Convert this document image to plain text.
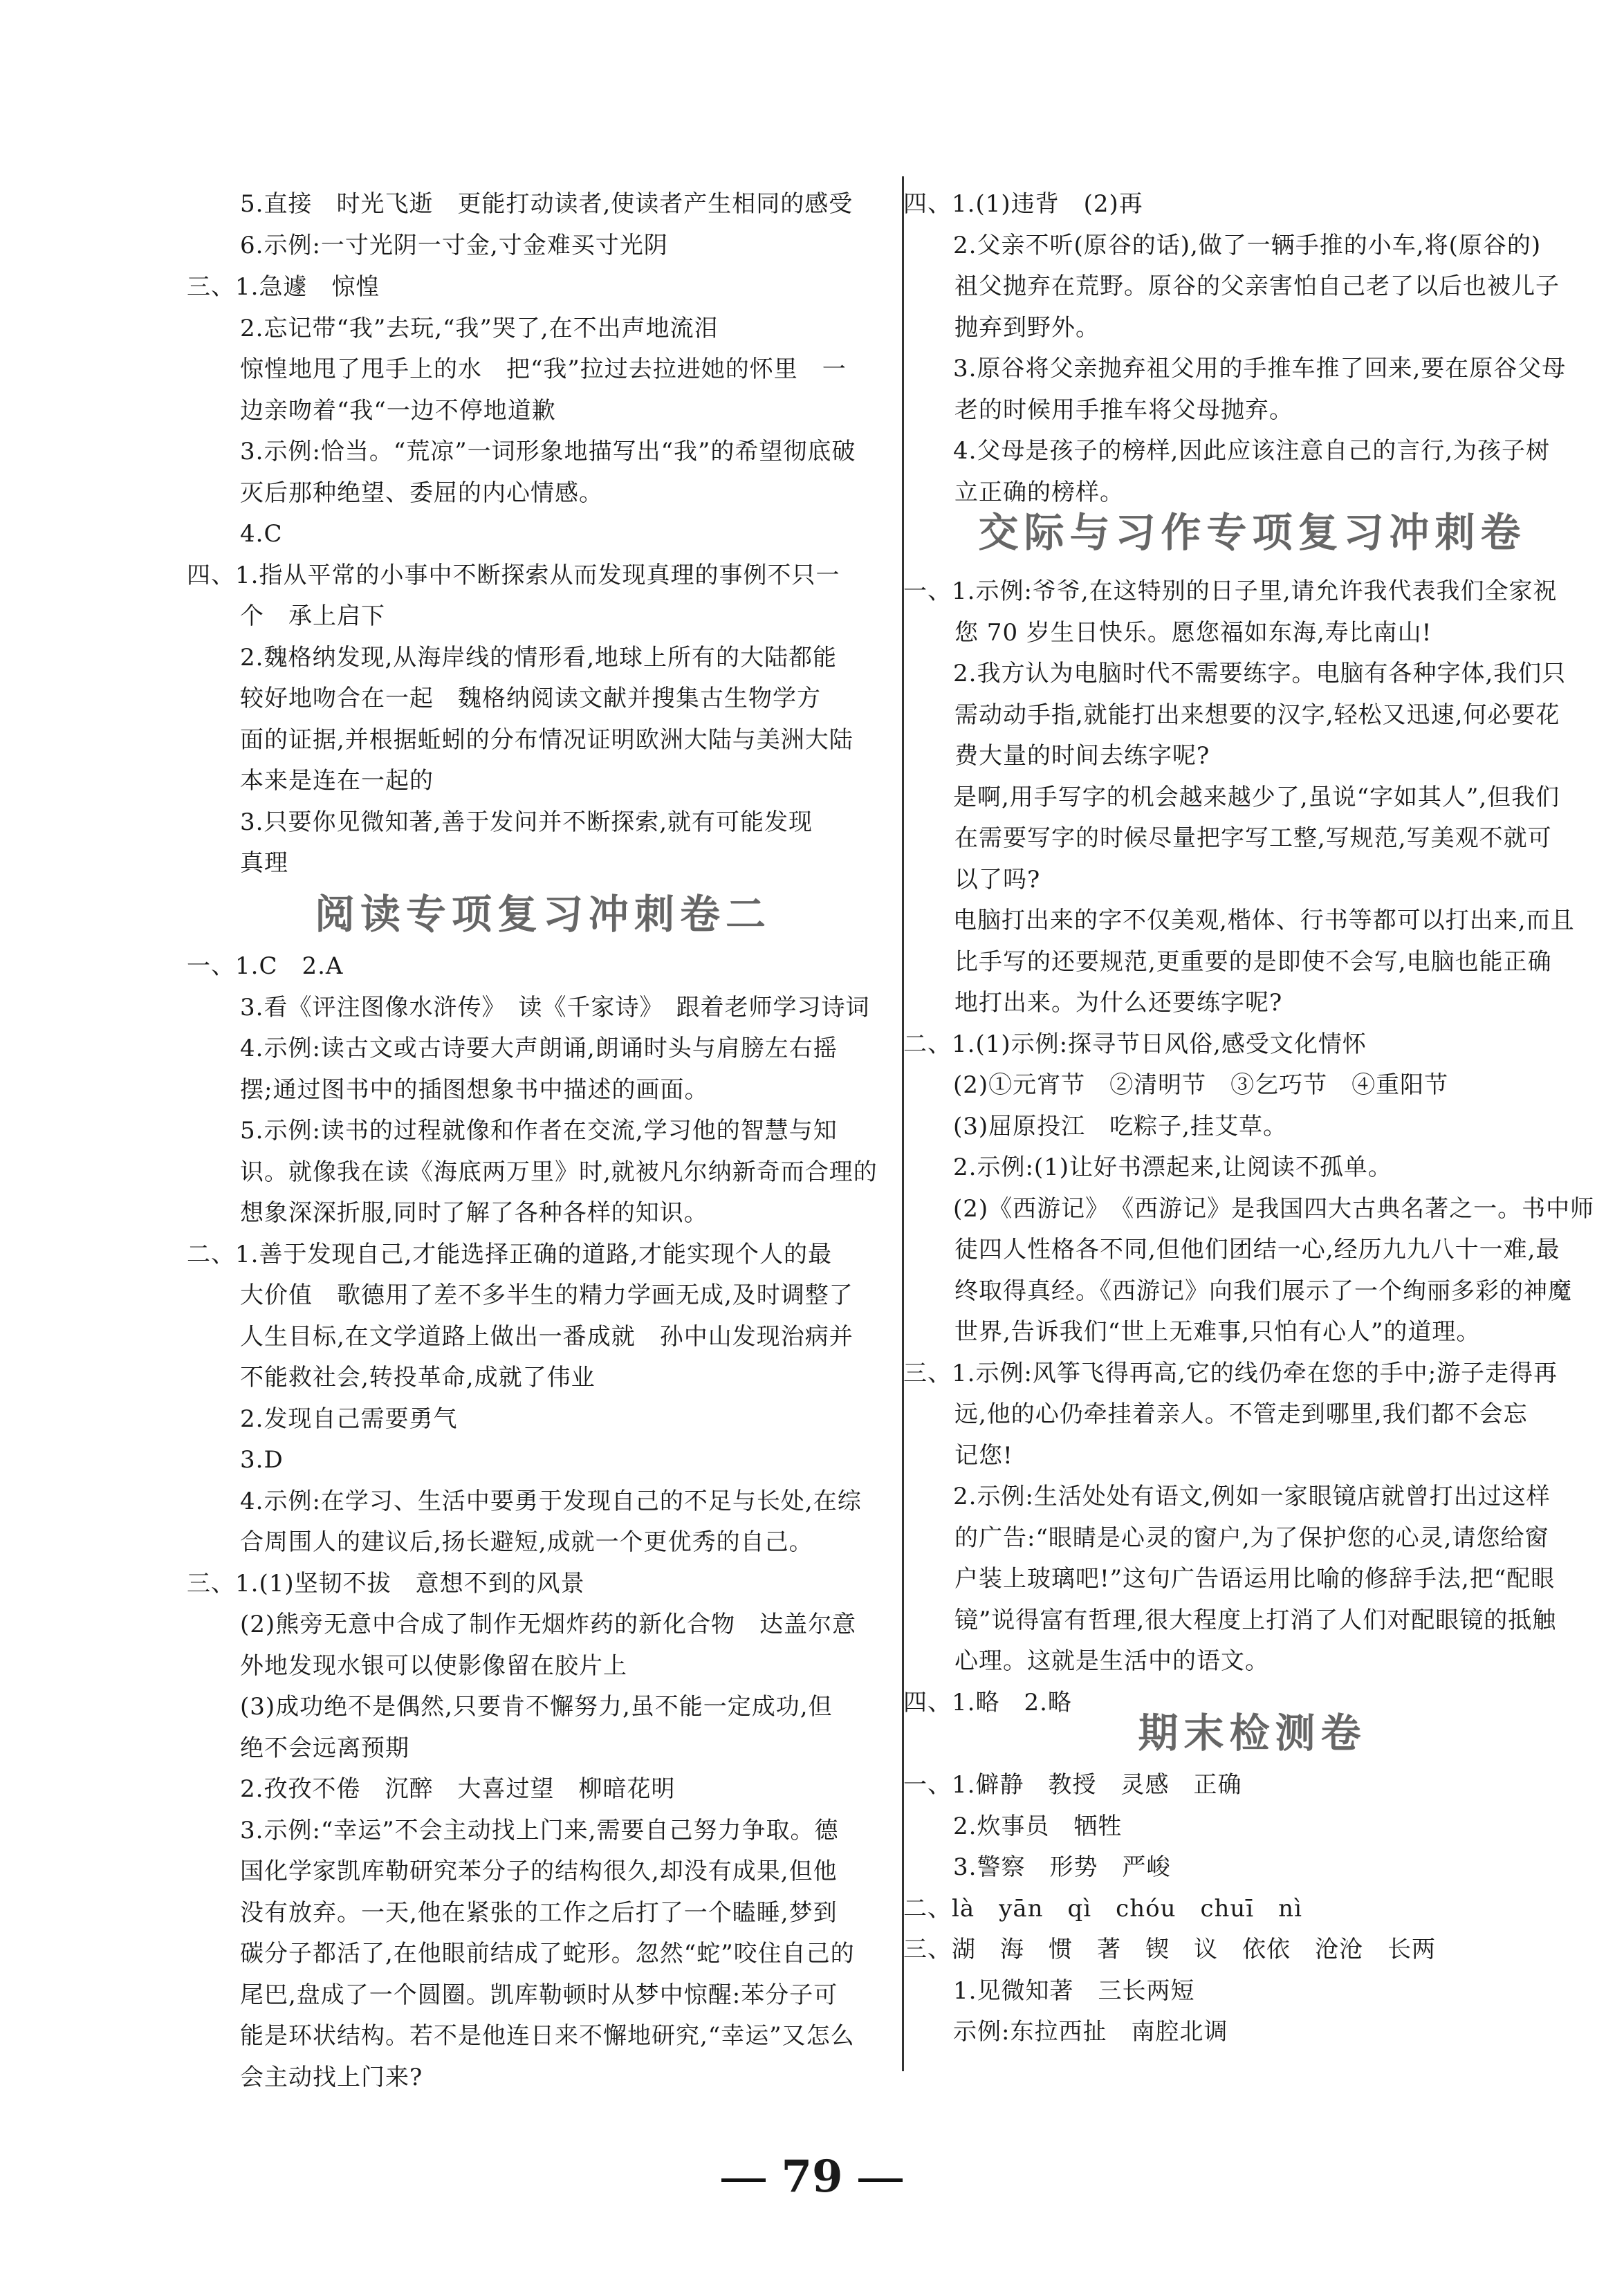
5.直接　时光飞逝　更能打动读者,使读者产生相同的感受
6.示例:一寸光阴一寸金,寸金难买寸光阴
三、1.急遽　惊惶
2.忘记带“我”去玩,“我”哭了,在不出声地流泪
惊惶地甩了甩手上的水　把“我”拉过去拉进她的怀里　一
边亲吻着“我“一边不停地道歉
3.示例:恰当。“荒凉”一词形象地描写出“我”的希望彻底破
灭后那种绝望、委屈的内心情感。
4.C
四、1.指从平常的小事中不断探索从而发现真理的事例不只一
个　承上启下
2.魏格纳发现,从海岸线的情形看,地球上所有的大陆都能
较好地吻合在一起　魏格纳阅读文献并搜集古生物学方
面的证据,并根据蚯蚓的分布情况证明欧洲大陆与美洲大陆
本来是连在一起的
3.只要你见微知著,善于发问并不断探索,就有可能发现
真理
阅读专项复习冲刺卷二
一、1.C　2.A
3.看《评注图像水浒传》　读《千家诗》　跟着老师学习诗词
4.示例:读古文或古诗要大声朗诵,朗诵时头与肩膀左右摇
摆;通过图书中的插图想象书中描述的画面。
5.示例:读书的过程就像和作者在交流,学习他的智慧与知
识。就像我在读《海底两万里》时,就被凡尔纳新奇而合理的
想象深深折服,同时了解了各种各样的知识。
二、1.善于发现自己,才能选择正确的道路,才能实现个人的最
大价值　歌德用了差不多半生的精力学画无成,及时调整了
人生目标,在文学道路上做出一番成就　孙中山发现治病并
不能救社会,转投革命,成就了伟业
2.发现自己需要勇气
3.D
4.示例:在学习、生活中要勇于发现自己的不足与长处,在综
合周围人的建议后,扬长避短,成就一个更优秀的自己。
三、1.(1)坚韧不拔　意想不到的风景
(2)熊旁无意中合成了制作无烟炸药的新化合物　达盖尔意
外地发现水银可以使影像留在胶片上
(3)成功绝不是偶然,只要肯不懈努力,虽不能一定成功,但
绝不会远离预期
2.孜孜不倦　沉醉　大喜过望　柳暗花明
3.示例:“幸运”不会主动找上门来,需要自己努力争取。德
国化学家凯库勒研究苯分子的结构很久,却没有成果,但他
没有放弃。一天,他在紧张的工作之后打了一个瞌睡,梦到
碳分子都活了,在他眼前结成了蛇形。忽然“蛇”咬住自己的
尾巴,盘成了一个圆圈。凯库勒顿时从梦中惊醒:苯分子可
能是环状结构。若不是他连日来不懈地研究,“幸运”又怎么
会主动找上门来?
四、1.(1)违背　(2)再
2.父亲不听(原谷的话),做了一辆手推的小车,将(原谷的)
祖父抛弃在荒野。原谷的父亲害怕自己老了以后也被儿子
抛弃到野外。
3.原谷将父亲抛弃祖父用的手推车推了回来,要在原谷父母
老的时候用手推车将父母抛弃。
4.父母是孩子的榜样,因此应该注意自己的言行,为孩子树
立正确的榜样。
交际与习作专项复习冲刺卷
一、1.示例:爷爷,在这特别的日子里,请允许我代表我们全家祝
您 70 岁生日快乐。愿您福如东海,寿比南山!
2.我方认为电脑时代不需要练字。电脑有各种字体,我们只
需动动手指,就能打出来想要的汉字,轻松又迅速,何必要花
费大量的时间去练字呢?
是啊,用手写字的机会越来越少了,虽说“字如其人”,但我们
在需要写字的时候尽量把字写工整,写规范,写美观不就可
以了吗?
电脑打出来的字不仅美观,楷体、行书等都可以打出来,而且
比手写的还要规范,更重要的是即使不会写,电脑也能正确
地打出来。为什么还要练字呢?
二、1.(1)示例:探寻节日风俗,感受文化情怀
(2)①元宵节　②清明节　③乞巧节　④重阳节
(3)屈原投江　吃粽子,挂艾草。
2.示例:(1)让好书漂起来,让阅读不孤单。
(2)《西游记》　《西游记》是我国四大古典名著之一。书中师
徒四人性格各不同,但他们团结一心,经历九九八十一难,最
终取得真经。《西游记》向我们展示了一个绚丽多彩的神魔
世界,告诉我们“世上无难事,只怕有心人”的道理。
三、1.示例:风筝飞得再高,它的线仍牵在您的手中;游子走得再
远,他的心仍牵挂着亲人。不管走到哪里,我们都不会忘
记您!
2.示例:生活处处有语文,例如一家眼镜店就曾打出过这样
的广告:“眼睛是心灵的窗户,为了保护您的心灵,请您给窗
户装上玻璃吧!”这句广告语运用比喻的修辞手法,把“配眼
镜”说得富有哲理,很大程度上打消了人们对配眼镜的抵触
心理。这就是生活中的语文。
四、1.略　2.略
期末检测卷
一、1.僻静　教授　灵感　正确
2.炊事员　牺牲
3.警察　形势　严峻
二、là　yān　qì　chóu　chuī　nì
三、湖　海　惯　著　锲　议　依依　沧沧　长两
1.见微知著　三长两短
示例:东拉西扯　南腔北调
79
